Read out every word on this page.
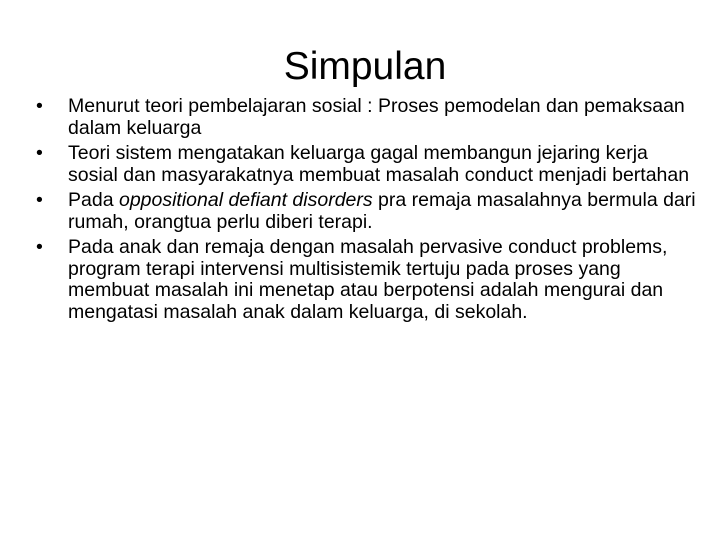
Simpulan
• Menurut teori pembelajaran sosial : Proses pemodelan dan pemaksaan dalam keluarga
• Teori sistem mengatakan keluarga gagal membangun jejaring kerja sosial dan masyarakatnya membuat masalah conduct menjadi bertahan
• Pada oppositional defiant disorders pra remaja masalahnya bermula dari rumah, orangtua perlu diberi terapi.
• Pada anak dan remaja dengan masalah pervasive conduct problems, program terapi intervensi multisistemik tertuju pada proses yang membuat masalah ini menetap atau berpotensi adalah mengurai dan mengatasi masalah anak dalam keluarga, di sekolah.
